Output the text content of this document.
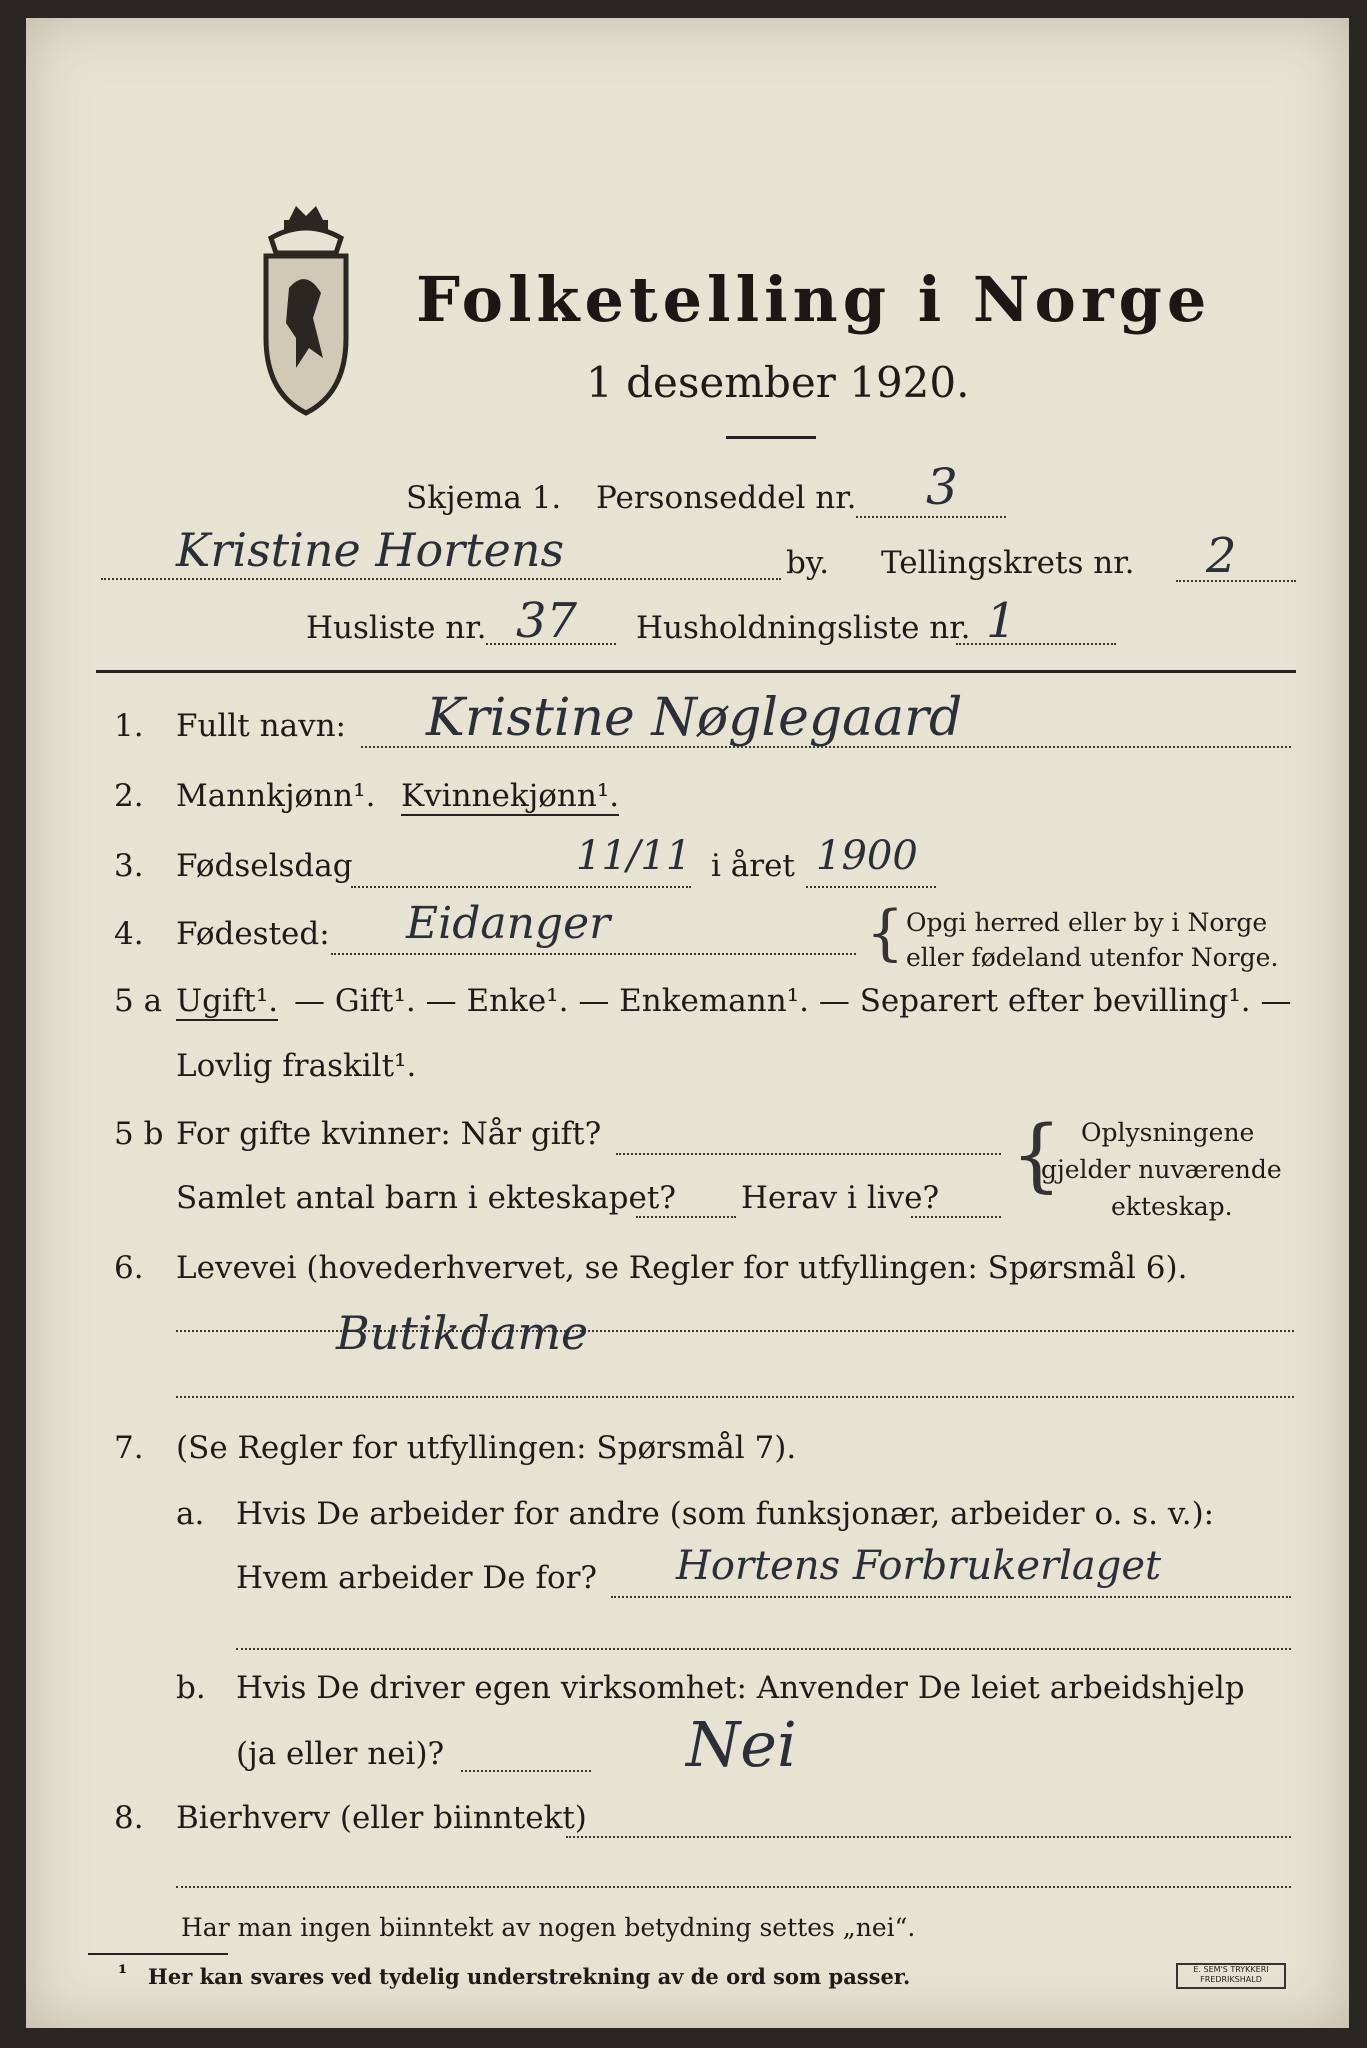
Folketelling i Norge
1 desember 1920.
Skjema 1. Personseddel nr. 3
Kristine Hortens	by. Tellingskrets nr. 2
Husliste nr. 37 Husholdningsliste nr. 1
1. Fullt navn: Kristine Nøglegaard
2. Mannkjønn¹. Kvinnekjønn¹.
3. Fødselsdag	11/11 i året 1900
4. Fødested: Eidanger	{ Opgi herred eller by i Norge
eller fødeland utenfor Norge.
5 a Ugift¹. — Gift¹. — Enke¹. — Enkemann¹. — Separert efter bevilling¹. —
Lovlig fraskilt¹.
5 b For gifte kvinner: Når gift?
Samlet antal barn i ekteskapet? Herav i live? { Oplysningene
gjelder nuværende
ekteskap.
6. Levevei (hovederhvervet, se Regler for utfyllingen: Spørsmål 6).
Butikdame
7. (Se Regler for utfyllingen: Spørsmål 7).
a. Hvis De arbeider for andre (som funksjonær, arbeider o. s. v.):
Hvem arbeider De for? Hortens Forbrukerlaget
b. Hvis De driver egen virksomhet: Anvender De leiet arbeidshjelp
(ja eller nei)?	Nei
8. Bierhverv (eller biinntekt)
Har man ingen biinntekt av nogen betydning settes „nei“.
¹ Her kan svares ved tydelig understrekning av de ord som passer.	E. SEM'S TRYKKERI FREDRIKSHALD
